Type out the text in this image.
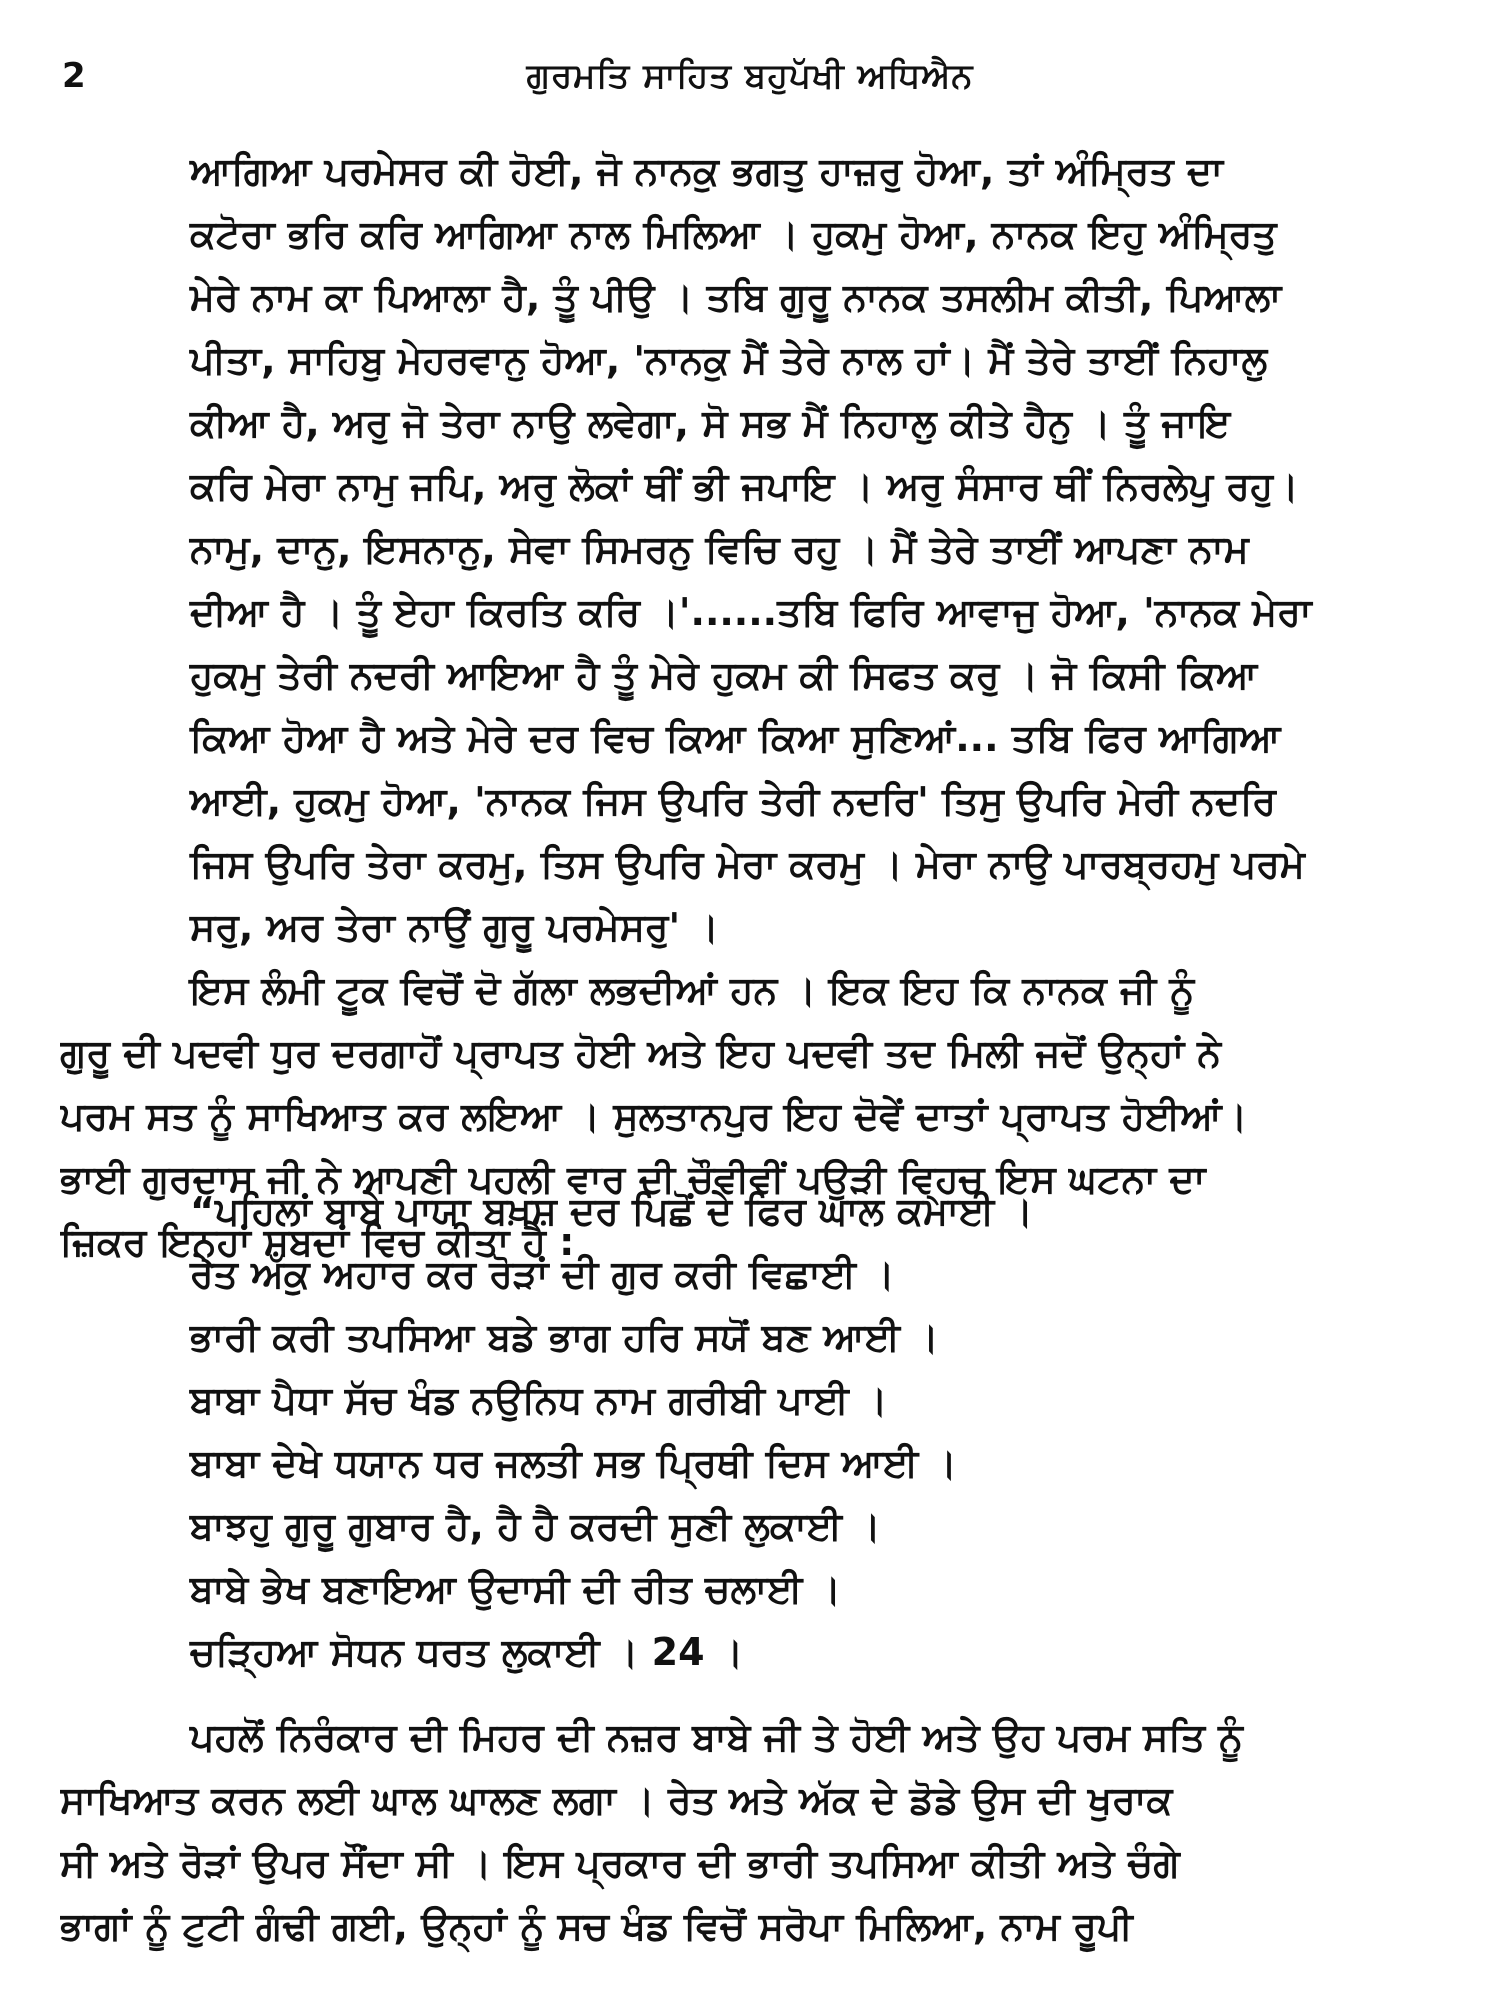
2	ਗੁਰਮਤਿ ਸਾਹਿਤ ਬਹੁਪੱਖੀ ਅਧਿਐਨ
ਆਗਿਆ ਪਰਮੇਸਰ ਕੀ ਹੋਈ, ਜੋ ਨਾਨਕੁ ਭਗਤੁ ਹਾਜ਼ਰੁ ਹੋਆ, ਤਾਂ ਅੰਮ੍ਰਿਤ ਦਾ
ਕਟੋਰਾ ਭਰਿ ਕਰਿ ਆਗਿਆ ਨਾਲ ਮਿਲਿਆ । ਹੁਕਮੁ ਹੋਆ, ਨਾਨਕ ਇਹੁ ਅੰਮ੍ਰਿਤੁ
ਮੇਰੇ ਨਾਮ ਕਾ ਪਿਆਲਾ ਹੈ, ਤੂੰ ਪੀਉ । ਤਬਿ ਗੁਰੂ ਨਾਨਕ ਤਸਲੀਮ ਕੀਤੀ, ਪਿਆਲਾ
ਪੀਤਾ, ਸਾਹਿਬੁ ਮੇਹਰਵਾਨੁ ਹੋਆ, 'ਨਾਨਕੁ ਮੈਂ ਤੇਰੇ ਨਾਲ ਹਾਂ। ਮੈਂ ਤੇਰੇ ਤਾਈਂ ਨਿਹਾਲੁ
ਕੀਆ ਹੈ, ਅਰੁ ਜੋ ਤੇਰਾ ਨਾਉ ਲਵੇਗਾ, ਸੋ ਸਭ ਮੈਂ ਨਿਹਾਲੁ ਕੀਤੇ ਹੈਨੁ । ਤੂੰ ਜਾਇ
ਕਰਿ ਮੇਰਾ ਨਾਮੁ ਜਪਿ, ਅਰੁ ਲੋਕਾਂ ਥੀਂ ਭੀ ਜਪਾਇ । ਅਰੁ ਸੰਸਾਰ ਥੀਂ ਨਿਰਲੇਪੁ ਰਹੁ।
ਨਾਮੁ, ਦਾਨੁ, ਇਸਨਾਨੁ, ਸੇਵਾ ਸਿਮਰਨੁ ਵਿਚਿ ਰਹੁ । ਮੈਂ ਤੇਰੇ ਤਾਈਂ ਆਪਣਾ ਨਾਮ
ਦੀਆ ਹੈ । ਤੂੰ ਏਹਾ ਕਿਰਤਿ ਕਰਿ ।'......ਤਬਿ ਫਿਰਿ ਆਵਾਜੁ ਹੋਆ, 'ਨਾਨਕ ਮੇਰਾ
ਹੁਕਮੁ ਤੇਰੀ ਨਦਰੀ ਆਇਆ ਹੈ ਤੂੰ ਮੇਰੇ ਹੁਕਮ ਕੀ ਸਿਫਤ ਕਰੁ । ਜੋ ਕਿਸੀ ਕਿਆ
ਕਿਆ ਹੋਆ ਹੈ ਅਤੇ ਮੇਰੇ ਦਰ ਵਿਚ ਕਿਆ ਕਿਆ ਸੁਣਿਆਂ... ਤਬਿ ਫਿਰ ਆਗਿਆ
ਆਈ, ਹੁਕਮੁ ਹੋਆ, 'ਨਾਨਕ ਜਿਸ ਉਪਰਿ ਤੇਰੀ ਨਦਰਿ' ਤਿਸੁ ਉਪਰਿ ਮੇਰੀ ਨਦਰਿ
ਜਿਸ ਉਪਰਿ ਤੇਰਾ ਕਰਮੁ, ਤਿਸ ਉਪਰਿ ਮੇਰਾ ਕਰਮੁ । ਮੇਰਾ ਨਾਉ ਪਾਰਬ੍ਰਹਮੁ ਪਰਮੇ
ਸਰੁ, ਅਰ ਤੇਰਾ ਨਾਉਂ ਗੁਰੂ ਪਰਮੇਸਰੁ' ।
ਇਸ ਲੰਮੀ ਟੂਕ ਵਿਚੋਂ ਦੋ ਗੱਲਾ ਲਭਦੀਆਂ ਹਨ । ਇਕ ਇਹ ਕਿ ਨਾਨਕ ਜੀ ਨੂੰ
ਗੁਰੂ ਦੀ ਪਦਵੀ ਧੁਰ ਦਰਗਾਹੋਂ ਪ੍ਰਾਪਤ ਹੋਈ ਅਤੇ ਇਹ ਪਦਵੀ ਤਦ ਮਿਲੀ ਜਦੋਂ ਉਨ੍ਹਾਂ ਨੇ
ਪਰਮ ਸਤ ਨੂੰ ਸਾਖਿਆਤ ਕਰ ਲਇਆ । ਸੁਲਤਾਨਪੁਰ ਇਹ ਦੋਵੇਂ ਦਾਤਾਂ ਪ੍ਰਾਪਤ ਹੋਈਆਂ।
ਭਾਈ ਗੁਰਦਾਸ ਜੀ ਨੇ ਆਪਣੀ ਪਹਲੀ ਵਾਰ ਦੀ ਚੌਵੀਵੀਂ ਪਉੜੀ ਵ੍ਹਿਚ ਇਸ ਘਟਨਾ ਦਾ
ਜ਼ਿਕਰ ਇਨ੍ਹਾਂ ਸ਼ਬਦਾਂ ਵਿਚ ਕੀਤਾ ਹੈ :
“ਪਹਿਲਾਂ ਬਾਬੇ ਪਾਯਾ ਬਖ਼ਸ਼ ਦਰ ਪਿਛੋਂ ਦੇ ਫਿਰ ਘਾਲ ਕਮਾਈ ।
ਰੇਤ ਅੱਕੁ ਅਹਾਰ ਕਰ ਰੋੜਾਂ ਦੀ ਗੁਰ ਕਰੀ ਵਿਛਾਈ ।
ਭਾਰੀ ਕਰੀ ਤਪਸਿਆ ਬਡੇ ਭਾਗ ਹਰਿ ਸਯੋਂ ਬਣ ਆਈ ।
ਬਾਬਾ ਪੈਧਾ ਸੱਚ ਖੰਡ ਨਉਨਿਧ ਨਾਮ ਗਰੀਬੀ ਪਾਈ ।
ਬਾਬਾ ਦੇਖੇ ਧਯਾਨ ਧਰ ਜਲਤੀ ਸਭ ਪ੍ਰਿਥੀ ਦਿਸ ਆਈ ।
ਬਾਝਹੁ ਗੁਰੂ ਗੁਬਾਰ ਹੈ, ਹੈ ਹੈ ਕਰਦੀ ਸੁਣੀ ਲੁਕਾਈ ।
ਬਾਬੇ ਭੇਖ ਬਣਾਇਆ ਉਦਾਸੀ ਦੀ ਰੀਤ ਚਲਾਈ ।
ਚੜ੍ਹਿਆ ਸੋਧਨ ਧਰਤ ਲੁਕਾਈ । 24 ।
ਪਹਲੋਂ ਨਿਰੰਕਾਰ ਦੀ ਮਿਹਰ ਦੀ ਨਜ਼ਰ ਬਾਬੇ ਜੀ ਤੇ ਹੋਈ ਅਤੇ ਉਹ ਪਰਮ ਸਤਿ ਨੂੰ
ਸਾਖਿਆਤ ਕਰਨ ਲਈ ਘਾਲ ਘਾਲਣ ਲਗਾ । ਰੇਤ ਅਤੇ ਅੱਕ ਦੇ ਡੋਡੇ ਉਸ ਦੀ ਖੁਰਾਕ
ਸੀ ਅਤੇ ਰੋੜਾਂ ਉਪਰ ਸੌਂਦਾ ਸੀ । ਇਸ ਪ੍ਰਕਾਰ ਦੀ ਭਾਰੀ ਤਪਸਿਆ ਕੀਤੀ ਅਤੇ ਚੰਗੇ
ਭਾਗਾਂ ਨੂੰ ਟੁਟੀ ਗੰਢੀ ਗਈ, ਉਨ੍ਹਾਂ ਨੂੰ ਸਚ ਖੰਡ ਵਿਚੋਂ ਸਰੋਪਾ ਮਿਲਿਆ, ਨਾਮ ਰੂਪੀ
